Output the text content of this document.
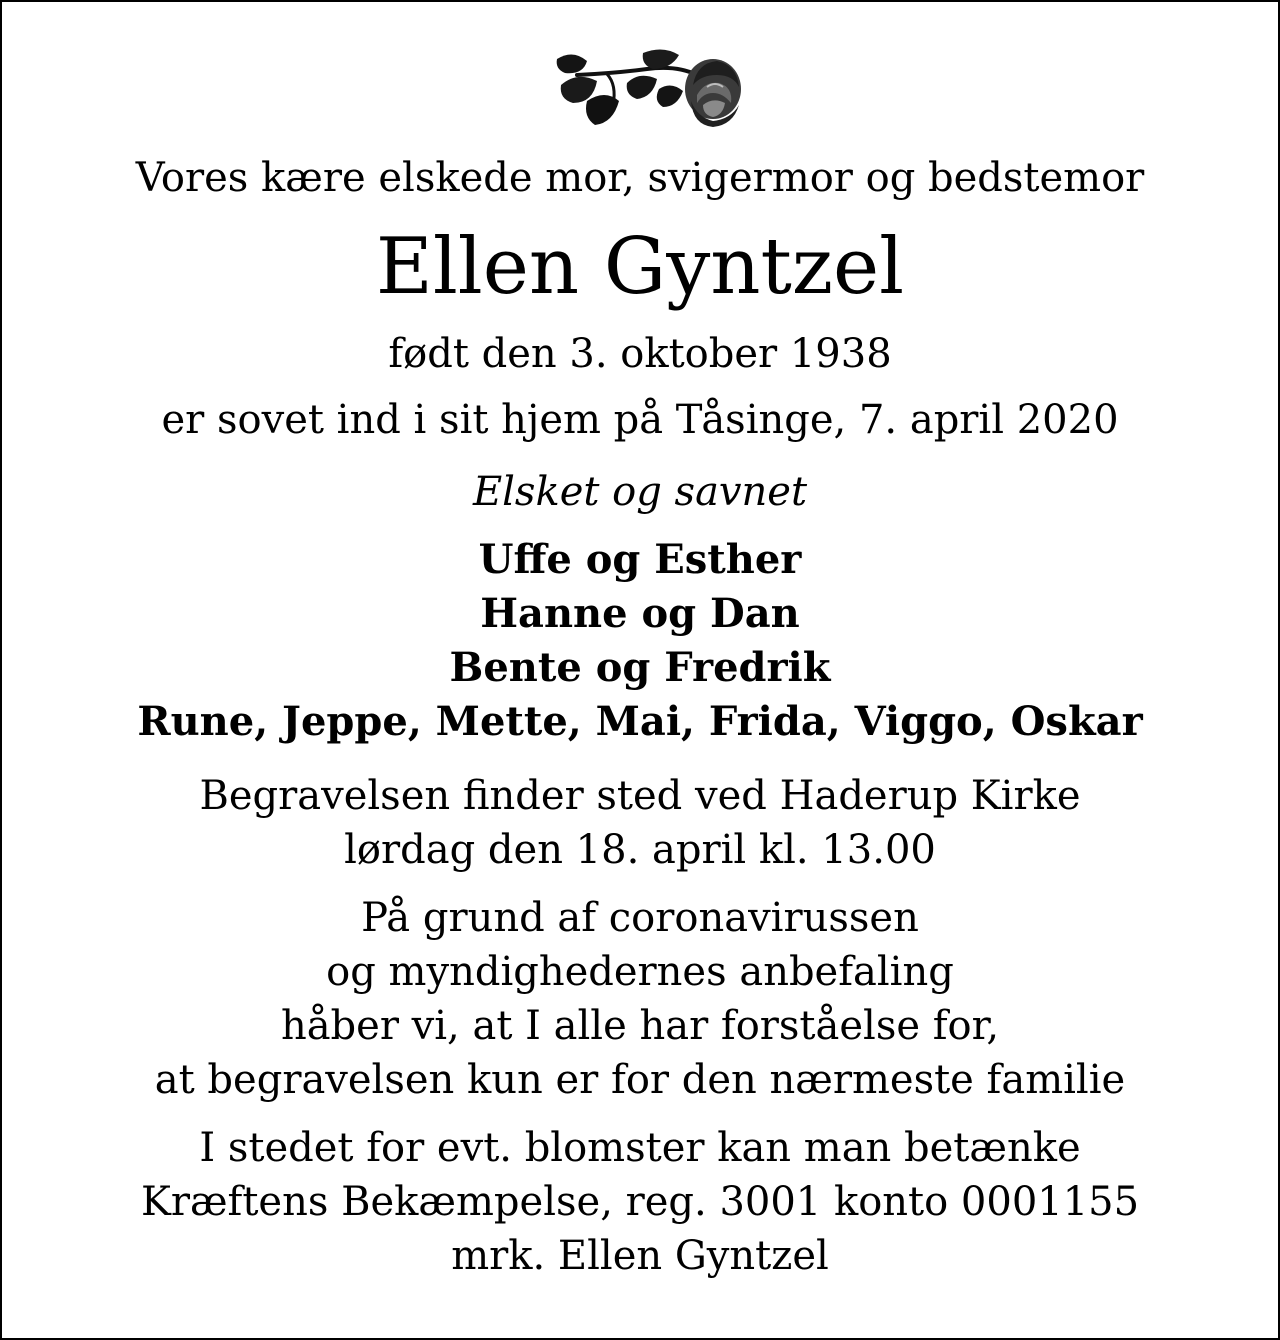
Vores kære elskede mor, svigermor og bedstemor
Ellen Gyntzel
født den 3. oktober 1938
er sovet ind i sit hjem på Tåsinge, 7. april 2020
Elsket og savnet
Uffe og Esther
Hanne og Dan
Bente og Fredrik
Rune, Jeppe, Mette, Mai, Frida, Viggo, Oskar
Begravelsen finder sted ved Haderup Kirke
lørdag den 18. april kl. 13.00
På grund af coronavirussen
og myndighedernes anbefaling
håber vi, at I alle har forståelse for,
at begravelsen kun er for den nærmeste familie
I stedet for evt. blomster kan man betænke
Kræftens Bekæmpelse, reg. 3001 konto 0001155
mrk. Ellen Gyntzel
